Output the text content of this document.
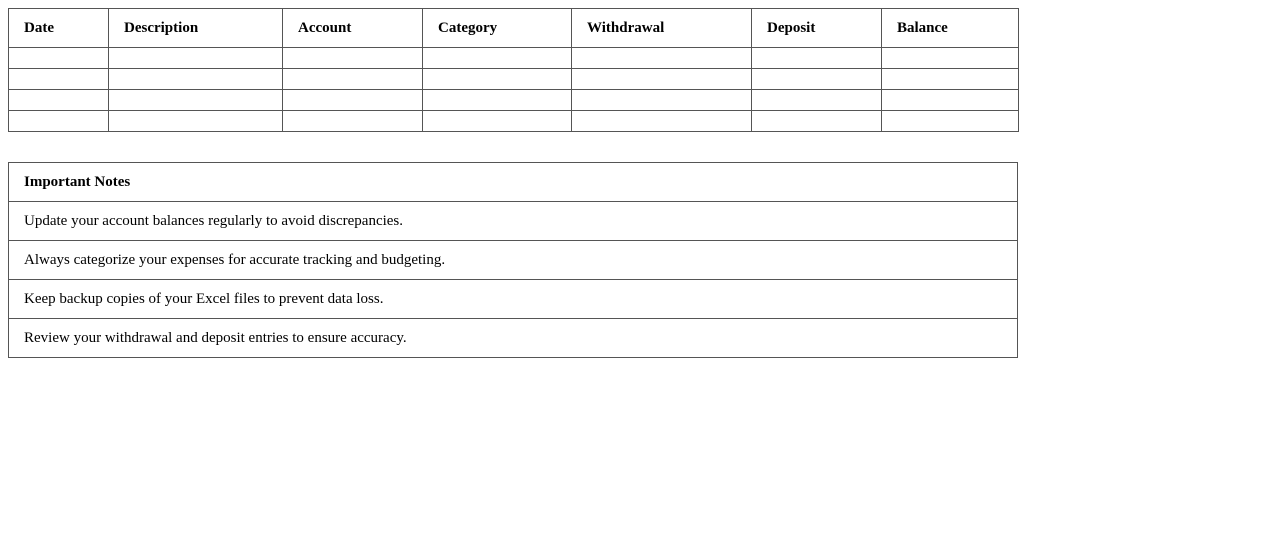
Date	Description	Account	Category	Withdrawal	Deposit	Balance

Important Notes
Update your account balances regularly to avoid discrepancies.
Always categorize your expenses for accurate tracking and budgeting.
Keep backup copies of your Excel files to prevent data loss.
Review your withdrawal and deposit entries to ensure accuracy.
